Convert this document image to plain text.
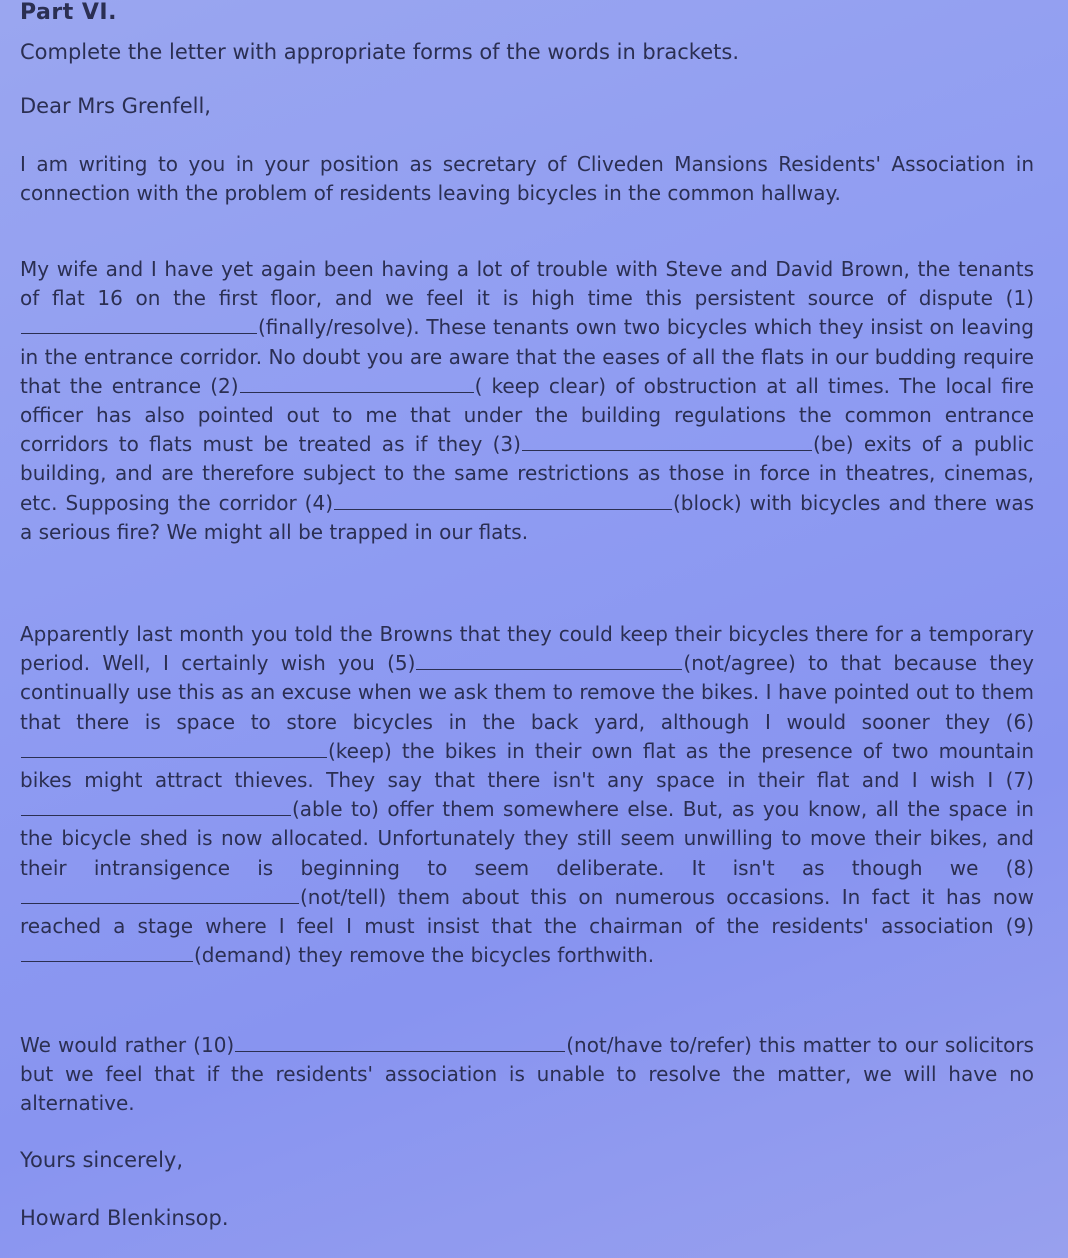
Part VI.
Complete the letter with appropriate forms of the words in brackets.
Dear Mrs Grenfell,

I am writing to you in your position as secretary of Cliveden Mansions Residents' Association in connection with the problem of residents leaving bicycles in the common hallway.

My wife and I have yet again been having a lot of trouble with Steve and David Brown, the tenants of flat 16 on the first floor, and we feel it is high time this persistent source of dispute (1)(finally/resolve). These tenants own two bicycles which they insist on leaving in the entrance corridor. No doubt you are aware that the eases of all the flats in our budding require that the entrance (2)	( keep clear) of obstruction at all times. The local fire officer has also pointed out to me that under the building regulations the common entrance corridors to flats must be treated as if they (3)	(be) exits of a public building, and are therefore subject to the same restrictions as those in force in theatres, cinemas, etc. Supposing the corridor (4)	(block) with bicycles and there was a serious fire? We might all be trapped in our flats.

Apparently last month you told the Browns that they could keep their bicycles there for a temporary period. Well, I certainly wish you (5)	(not/agree) to that because they continually use this as an excuse when we ask them to remove the bikes. I have pointed out to them that there is space to store bicycles in the back yard, although I would sooner they (6)(keep) the bikes in their own flat as the presence of two mountain bikes might attract thieves. They say that there isn't any space in their flat and I wish I (7)(able to) offer them somewhere else. But, as you know, all the space in the bicycle shed is now allocated. Unfortunately they still seem unwilling to move their bikes, and their intransigence is beginning to seem deliberate. It isn't as though we (8)(not/tell) them about this on numerous occasions. In fact it has now reached a stage where I feel I must insist that the chairman of the residents' association (9)(demand) they remove the bicycles forthwith.

We would rather (10)	(not/have to/refer) this matter to our solicitors but we feel that if the residents' association is unable to resolve the matter, we will have no alternative.

Yours sincerely,
Howard Blenkinsop.
